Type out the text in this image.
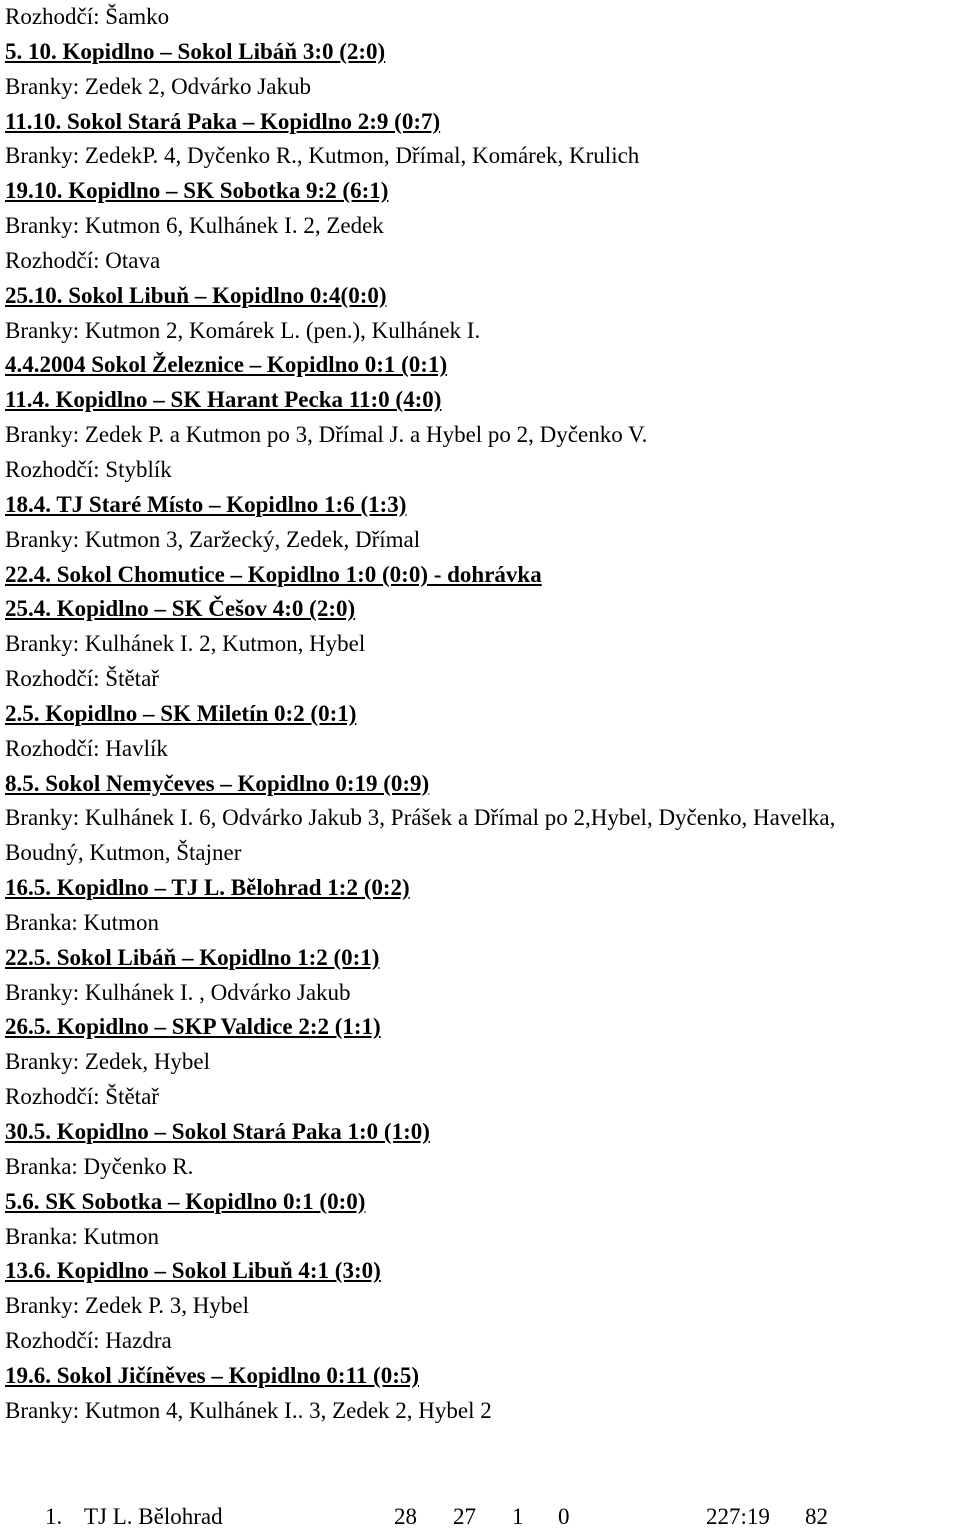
Rozhodčí: Šamko

5. 10. Kopidlno – Sokol Libáň 3:0 (2:0)

Branky: Zedek 2, Odvárko Jakub

11.10. Sokol Stará Paka – Kopidlno 2:9 (0:7)

Branky: ZedekP. 4, Dyčenko R., Kutmon, Dřímal, Komárek, Krulich

19.10. Kopidlno – SK Sobotka 9:2 (6:1)

Branky: Kutmon 6, Kulhánek I. 2, Zedek

Rozhodčí: Otava

25.10. Sokol Libuň – Kopidlno 0:4(0:0)

Branky: Kutmon 2, Komárek L. (pen.), Kulhánek I.

4.4.2004 Sokol Železnice – Kopidlno 0:1 (0:1)

11.4. Kopidlno – SK Harant Pecka 11:0 (4:0)

Branky: Zedek P. a Kutmon po 3, Dřímal J. a Hybel po 2, Dyčenko V.

Rozhodčí: Styblík

18.4. TJ Staré Místo – Kopidlno 1:6 (1:3)

Branky: Kutmon 3, Zaržecký, Zedek, Dřímal

22.4. Sokol Chomutice – Kopidlno 1:0 (0:0) - dohrávka

25.4. Kopidlno – SK Češov 4:0 (2:0)

Branky: Kulhánek I. 2, Kutmon, Hybel

Rozhodčí: Štětař

2.5. Kopidlno – SK Miletín 0:2 (0:1)

Rozhodčí: Havlík

8.5. Sokol Nemyčeves – Kopidlno 0:19 (0:9)

Branky: Kulhánek I. 6, Odvárko Jakub 3, Prášek a Dřímal po 2,Hybel, Dyčenko, Havelka,

Boudný, Kutmon, Štajner

16.5. Kopidlno – TJ L. Bělohrad 1:2 (0:2)

Branka: Kutmon

22.5. Sokol Libáň – Kopidlno 1:2 (0:1)

Branky: Kulhánek I. , Odvárko Jakub

26.5. Kopidlno – SKP Valdice 2:2 (1:1)

Branky: Zedek, Hybel

Rozhodčí: Štětař

30.5. Kopidlno – Sokol Stará Paka 1:0 (1:0)

Branka: Dyčenko R.

5.6. SK Sobotka – Kopidlno 0:1 (0:0)

Branka: Kutmon

13.6. Kopidlno – Sokol Libuň 4:1 (3:0)

Branky: Zedek P. 3, Hybel

Rozhodčí: Hazdra

19.6. Sokol Jičíněves – Kopidlno 0:11 (0:5)

Branky: Kutmon 4, Kulhánek I.. 3, Zedek 2, Hybel 2

1. TJ L. Bělohrad	28 27 1 0	227:19 82
